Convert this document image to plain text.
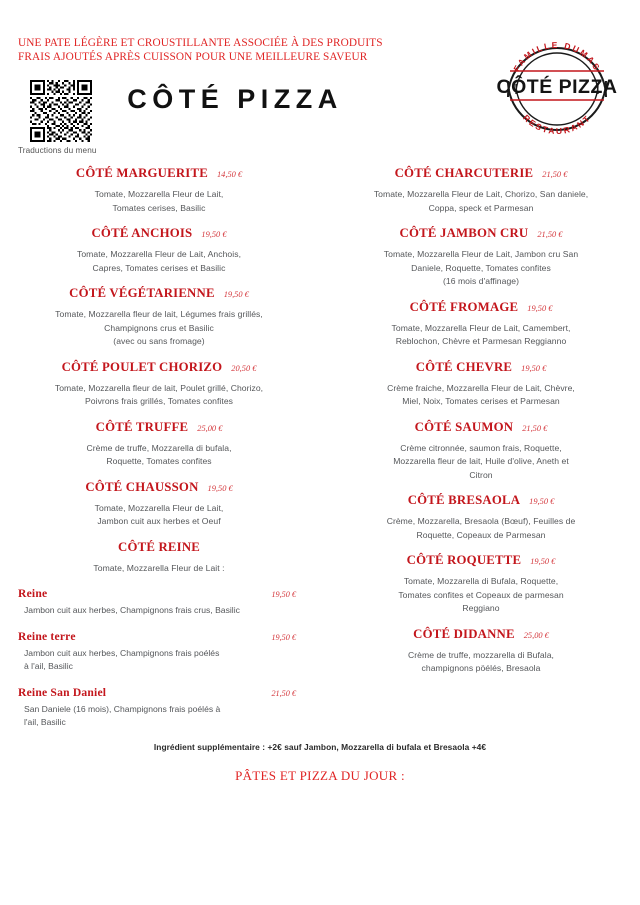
UNE PATE LÉGÈRE ET CROUSTILLANTE ASSOCIÉE À DES PRODUITS FRAIS AJOUTÉS APRÈS CUISSON POUR UNE MEILLEURE SAVEUR
Traductions du menu
CÔTÉ PIZZA
FAMILLE DUMAS
CÔTÉ PIZZA
RESTAURANT
CÔTÉ MARGUERITE 14,50 €
Tomate, Mozzarella Fleur de Lait,
Tomates cerises, Basilic
CÔTÉ ANCHOIS 19,50 €
Tomate, Mozzarella Fleur de Lait, Anchois,
Capres, Tomates cerises et Basilic
CÔTÉ VÉGÉTARIENNE 19,50 €
Tomate, Mozzarella fleur de lait, Légumes frais grillés,
Champignons crus et Basilic
(avec ou sans fromage)
CÔTÉ POULET CHORIZO 20,50 €
Tomate, Mozzarella fleur de lait, Poulet grillé, Chorizo,
Poivrons frais grillés, Tomates confites
CÔTÉ TRUFFE 25,00 €
Crème de truffe, Mozzarella di bufala,
Roquette, Tomates confites
CÔTÉ CHAUSSON 19,50 €
Tomate, Mozzarella Fleur de Lait,
Jambon cuit aux herbes et Oeuf
CÔTÉ REINE
Tomate, Mozzarella Fleur de Lait :
Reine	19,50 €
Jambon cuit aux herbes, Champignons frais crus, Basilic
Reine terre	19,50 €
Jambon cuit aux herbes, Champignons frais poélés
à l'ail, Basilic
Reine San Daniel	21,50 €
San Daniele (16 mois), Champignons frais poélés à
l'ail, Basilic
CÔTÉ CHARCUTERIE 21,50 €
Tomate, Mozzarella Fleur de Lait, Chorizo, San daniele,
Coppa, speck et Parmesan
CÔTÉ JAMBON CRU 21,50 €
Tomate, Mozzarella Fleur de Lait, Jambon cru San
Daniele, Roquette, Tomates confites
(16 mois d'affinage)
CÔTÉ FROMAGE 19,50 €
Tomate, Mozzarella Fleur de Lait, Camembert,
Reblochon, Chèvre et Parmesan Reggianno
CÔTÉ CHEVRE 19,50 €
Crème fraiche, Mozzarella Fleur de Lait, Chèvre,
Miel, Noix, Tomates cerises et Parmesan
CÔTÉ SAUMON 21,50 €
Crème citronnée, saumon frais, Roquette,
Mozzarella fleur de lait, Huile d'olive, Aneth et
Citron
CÔTÉ BRESAOLA 19,50 €
Crème, Mozzarella, Bresaola (Bœuf), Feuilles de
Roquette, Copeaux de Parmesan
CÔTÉ ROQUETTE 19,50 €
Tomate, Mozzarella di Bufala, Roquette,
Tomates confites et Copeaux de parmesan
Reggiano
CÔTÉ DIDANNE 25,00 €
Crème de truffe, mozzarella di Bufala,
champignons pöélés, Bresaola
Ingrédient supplémentaire : +2€ sauf Jambon, Mozzarella di bufala et Bresaola +4€
PÂTES ET PIZZA DU JOUR :
